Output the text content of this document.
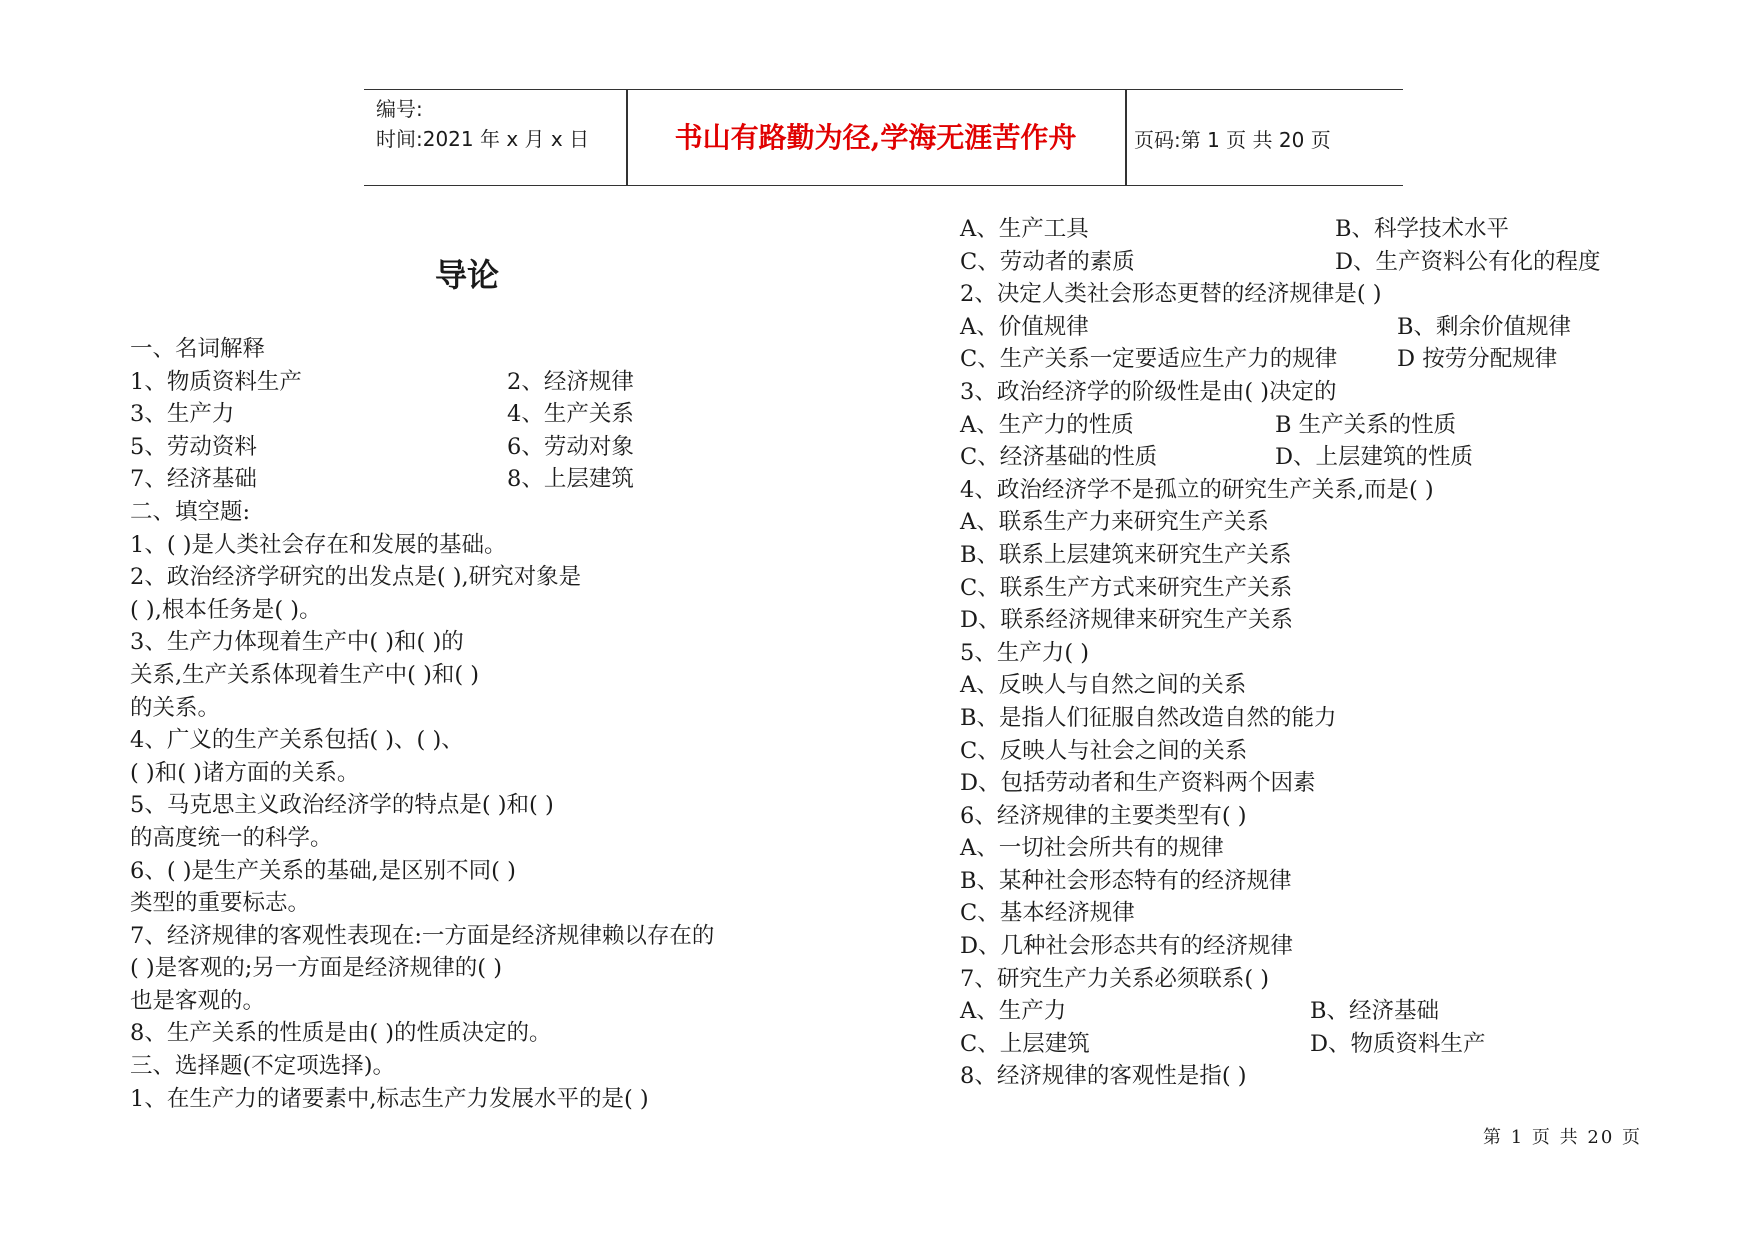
编号:
时间:2021 年 x 月 x 日	书山有路勤为径,学海无涯苦作舟	页码:第 1 页 共 20 页
导论
一、名词解释
1、物质资料生产	2、经济规律
3、生产力	4、生产关系
5、劳动资料	6、劳动对象
7、经济基础	8、上层建筑
二、填空题:
1、( )是人类社会存在和发展的基础。
2、政治经济学研究的出发点是( ),研究对象是
( ),根本任务是( )。
3、生产力体现着生产中( )和( )的
关系,生产关系体现着生产中( )和( )
的关系。
4、广义的生产关系包括( )、( )、
( )和( )诸方面的关系。
5、马克思主义政治经济学的特点是( )和( )
的高度统一的科学。
6、( )是生产关系的基础,是区别不同( )
类型的重要标志。
7、经济规律的客观性表现在:一方面是经济规律赖以存在的
( )是客观的;另一方面是经济规律的( )
也是客观的。
8、生产关系的性质是由( )的性质决定的。
三、选择题(不定项选择)。
1、在生产力的诸要素中,标志生产力发展水平的是( )
A、生产工具	B、科学技术水平
C、劳动者的素质	D、生产资料公有化的程度
2、决定人类社会形态更替的经济规律是( )
A、价值规律	B、剩余价值规律
C、生产关系一定要适应生产力的规律	D 按劳分配规律
3、政治经济学的阶级性是由( )决定的
A、生产力的性质	B 生产关系的性质
C、经济基础的性质	D、上层建筑的性质
4、政治经济学不是孤立的研究生产关系,而是( )
A、联系生产力来研究生产关系
B、联系上层建筑来研究生产关系
C、联系生产方式来研究生产关系
D、联系经济规律来研究生产关系
5、生产力( )
A、反映人与自然之间的关系
B、是指人们征服自然改造自然的能力
C、反映人与社会之间的关系
D、包括劳动者和生产资料两个因素
6、经济规律的主要类型有( )
A、一切社会所共有的规律
B、某种社会形态特有的经济规律
C、基本经济规律
D、几种社会形态共有的经济规律
7、研究生产力关系必须联系( )
A、生产力	B、经济基础
C、上层建筑	D、物质资料生产
8、经济规律的客观性是指( )
第 1 页 共 20 页
